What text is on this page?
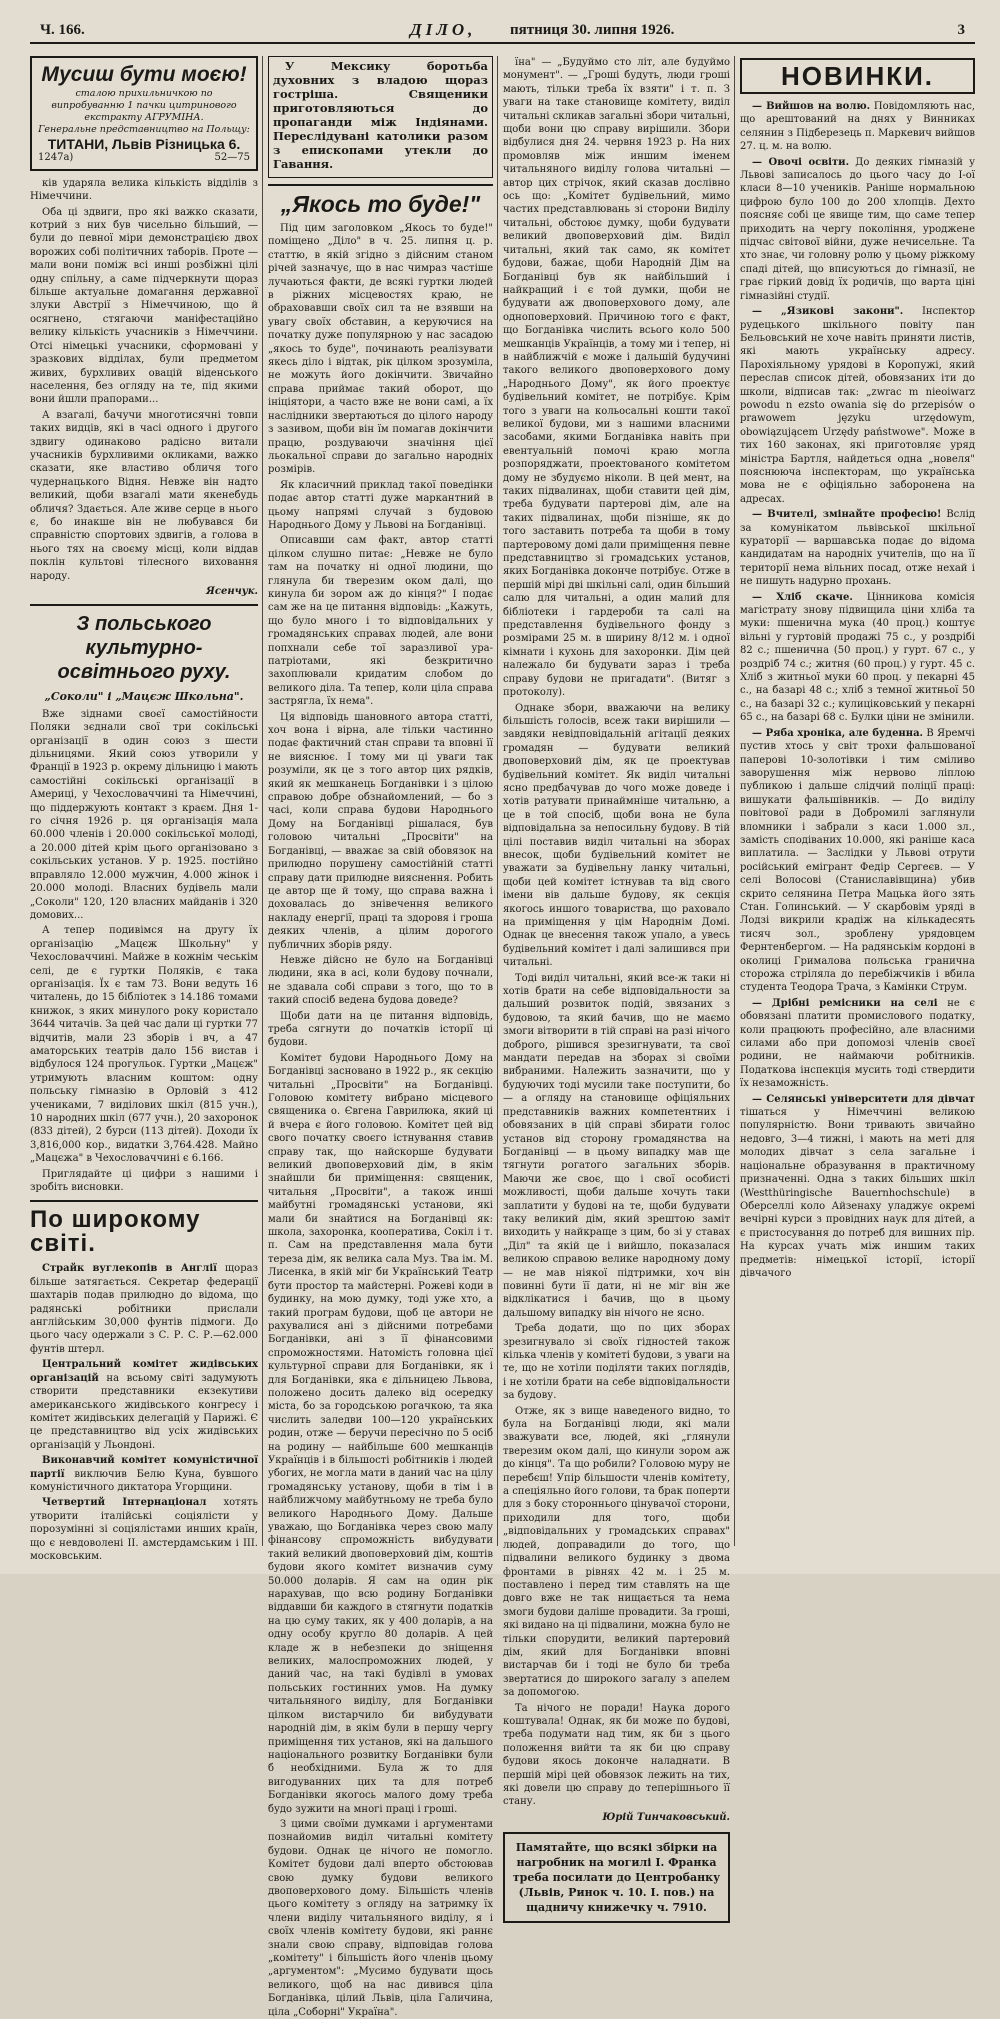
Ч. 166.	ДІЛО, пятниця 30. липня 1926.	3
Мусиш бути моєю!
сталою прихильничкою по випробуванню 1 пачки цитринового екстракту АГРУМІНА.
Генеральне представництво на Польщу:
ТИТАНИ, Львів Різницька 6.
1247а)	52—75

ків ударяла велика кількість відділів з Німеччини.

Оба ці здвиги, про які важко сказати, котрий з них був чисельно більший, — були до певної міри демонстрацією двох ворожих собі політичних таборів. Проте — мали вони поміж всі инші розбіжні цілі одну спільну, а саме підчеркнути щораз більше актуальне домагання державної злуки Австрії з Німеччиною, що й осягнено, стягаючи маніфестаційно велику кількість учасників з Німеччини. Отсі німецькі учасники, сформовані у зразкових відділах, були предметом живих, бурхливих овацій віденського населення, без огляду на те, під якими вони йшли прапорами...

А взагалі, бачучи многотисячні товпи таких видців, які в часі одного і другого здвигу одинаково радісно витали учасників бурхливими окликами, важко сказати, яке властиво обличя того чудернацького Відня. Невже він надто великий, щоби взагалі мати якенебудь обличя? Здається. Але живе серце в нього є, бо инакше він не любувався би справністю спортових здвигів, а голова в нього тях на своєму місці, коли віддав поклін культові тілесного виховання народу.

Ясенчук.
З польського культурно-освітнього руху.
„Соколи" і „Мацєж Школьна".

Вже зіднами своєї самостійности Поляки зєднали свої три сокільські організації в один союз з шести дільницями. Який союз утворили у Франції в 1923 р. окрему дільницю і мають самостійні сокільські організації в Америці, у Чехословаччині та Німеччині, що піддержують контакт з краєм. Дня 1-го січня 1926 р. ця організація мала 60.000 членів і 20.000 сокільської молоді, а 20.000 дітей крім цього організовано з сокільських установ. У р. 1925. постійно вправляло 12.000 мужчин, 4.000 жінок і 20.000 молоді. Власних будівель мали „Соколи" 120, 120 власних майданів і 320 домових...

А тепер подивімся на другу їх організацію „Мацєж Школьну" у Чехословаччині. Майже в кожнім чеськім селі, де є гуртки Поляків, є така організація. Їх є там 73. Вони ведуть 16 читалень, до 15 бібліотек з 14.186 томами книжок, з яких минулого року користало 3644 читачів. За цей час дали ці гуртки 77 відчитів, мали 23 зборів і вч, а 47 аматорських театрів дало 156 вистав і відбулося 124 прогульок. Гуртки „Мацєж" утримують власним коштом: одну польську гімназію в Орловій з 412 учениками, 7 виділових шкіл (815 учн.), 10 народних шкіл (677 учн.), 20 захоронок (833 дітей), 2 бурси (113 дітей). Доходи їх 3,816,000 кор., видатки 3,764.428. Майно „Мацєжа" в Чехословаччині є 6.166.

Приглядайте ці цифри з нашими і зробіть висновки.

По широкому світі.

Страйк вуглекопів в Англії щораз більше затягається. Секретар федерації шахтарів подав прилюдно до відома, що радянські робітники прислали англійським 30,000 фунтів підмоги. До цього часу одержали з С. Р. С. Р.—62.000 фунтів штерл.

Центральний комітет жидівських організацій на всьому світі задумують створити представники екзекутиви американського жидівського конгресу і комітет жидівських делегацій у Парижі. Є це представництво від усіх жидівських організацій у Льондоні.

Виконавчий комітет комуністичної партії виключив Белю Куна, бувшого комуністичного диктатора Угорщини.

Четвертий Інтернаціонал хотять утворити італійські соціялісти у порозумінні зі соціялістами инших країн, що є невдоволені ІІ. амстердамським і ІІІ. московським.

У Мексику боротьба духовних з владою щораз гострішa. Священики приготовляються до пропаганди між Індіянами. Переслідувані католики разом з епископами утекли до Гавання.

„Якось то буде!"

Під цим заголовком „Якось то буде!" поміщено „Діло" в ч. 25. липня ц. р. статтю, в якій згідно з дійсним станом річей зазначує, що в нас чимраз частіше лучаються факти, де всякі гуртки людей в ріжних місцевостях краю, не обраховавши своїх сил та не взявши на увагу своїх обставин, а керуючися на початку дуже популярною у нас засадою „якось то буде", починають реалізувати якесь діло і відтак, рік цілком зрозуміла, не можуть його докінчити. Звичайно справа приймає такий оборот, що ініціятори, а часто вже не вони самі, а їх наслідники звертаються до цілого народу з зазивом, щоби він їм помагав докінчити працю, роздуваючи значіння цієї льокальної справи до загально народніх розмірів.

Як класичний приклад такої поведінки подає автор статті дуже маркантний в цьому напрямі случай з будовою Народнього Дому у Львові на Богданівці.

Описавши сам факт, автор статті цілком слушно питає: „Невже не було там на початку ні одної людини, що глянула би тверезим оком далі, що кинула би зором аж до кінця?" І подає сам же на це питання відповідь: „Кажуть, що було многo і то відповідальних у громадянських справах людей, але вони попхнали себе тої заразливої ура-патріотами, які безкритично захоплювали кридатим слобом до великого діла. Та тепер, коли ціла справа застрягла, їх нема".

Ця відповідь шановного автора статті, хоч вона і вірна, але тільки частинно подає фактичний стан справи та вповні її не вияснює. І тому ми ці уваги так розуміли, як це з того автор цих рядків, який як мешканець Богданівки і з цілою справою добре обзнайомлений, — бо з часі, коли справа будови Народнього Дому на Богданівці рішалася, був головою читальні „Просвіти" на Богданівці, — вважає за свій обовязок на прилюдно порушену самостійній статті справу дати прилюдне вияснення. Робить це автор ще й тому, що справа важна і доховалась до знівечення великого накладу енергії, праці та здоровя і гроша деяких членів, а цілим дорогого публичних зборів ряду.

Невже дійсно не було на Богданівці людини, яка в асі, коли будову почнали, не здавала собі справи з того, що то в такий спосіб ведена будова доведе?

Щоби дати на це питання відповідь, треба сягнути до початків історії ці будови.

Комітет будови Народнього Дому на Богданівці засновано в 1922 р., як секцію читальні „Просвіти" на Богданівці. Головою комітету вибрано місцевого священика о. Євгена Гаврилюка, який ці й вчера є його головою. Комітет цей від свого початку своєго істнування ставив справу так, що найскорше будувати великий двоповерховий дім, в якім знайшли би приміщення: священик, читальня „Просвіти", а також инші майбутні громадянські установи, які мали би знайтися на Богданівці як: школа, захоронка, кооператива, Сокіл і т. п. Сам на представлення мала бути тереза дім, як велика сала Муз. Тва ім. М. Лисенка, в якій міг би Український Театр бути простор та майстерні. Рожеві коди в будинку, на мою думку, тоді уже хто, а такий програм будови, щоб це автори не рахувалися ані з дійсними потребами Богданівки, ані з її фінансовими спроможностями. Натомість головна цієї культурної справи для Богданівки, як і для Богданівки, яка є дільницею Львова, положено досить далеко від осередку міста, бо за городською рогачкою, та яка числить заледви 100—120 українських родин, отже — беручи пересічно по 5 осіб на родину — найбільше 600 мешканців Українців і в більшості робітників і людей убогих, не могла мати в даний час на цілу громадянську установу, щоби в тім і в найближчому майбутньому не треба було великого Народнього Дому. Дальше уважаю, що Богданівка через свою малу фінансову спроможність вибудувати такий великий двоповерховий дім, коштів будови якого комітет визначив суму 50.000 доларів. Я сам на один рік нарахував, що всю родину Богданівки віддавши би каждого в стягнути податків на цю суму таких, як у 400 доларів, а на одну особу кругло 80 доларів. А цей кладе ж в небезпеки до зніщення великих, малоспроможних людей, у даний час, на такі будівлі в умовах польських гостинних умов. На думку читальняного виділу, для Богданівки цілком вистарчило би вибудувати народній дім, в якім були в першу чергу приміщення тих установ, які на дальшого національного розвитку Богданівки були б необхідними. Була ж то для вигодуванних цих та для потреб Богданівки якогось малого дому треба будо зужити на многі праці і гроші.

З цими своїми думками і аргументами познайомив виділ читальні комітету будови. Однак це нічого не помогло. Комітет будови далі вперто обстоював свою думку будови великого двоповерхового дому. Більшість членів цього комітету з огляду на затримку їх члени виділу читальняного виділу, я і своїх членів комітету будови, які раннє знали свою справу, відповідав голова „комітету" і більшість його членів цьому „аргументом": „Мусимо будувати щось великого, щоб на нас дивився ціла Богданівка, цілий Львів, ціла Галичина, ціла „Соборні" Україна".

їна" — „Будуймо сто літ, але будуймо монумент". — „Гроші будуть, люди гроші мають, тільки треба їх взяти" і т. п. З уваги на таке становище комітету, виділ читальні скликав загальні збори читальні, щоби вони цю справу вирішили. Збори відбулися дня 24. червня 1923 р. На них промовляв між иншим іменем читальняного виділу голова читальні — автор цих стрічок, який сказав дослівно ось що: „Комітет будівельний, мимо частих представлювань зі сторони Виділу читальні, обстоює думку, щоби будувати великий двоповерховий дім. Виділ читальні, який так само, як комітет будови, бажає, щоби Народній Дім на Богданівці був як найбільший і найкращий і є той думки, щоби не будувати аж двоповерхового дому, але одноповерховий. Причиною того є факт, що Богданівка числить всього коло 500 мешканців Українців, а тому ми і тепер, ні в найближчій є може і дальшій будучині такого великого двоповерхового дому „Народнього Дому", як його проектує будівельний комітет, не потрібує. Крім того з уваги на кольосальні кошти такої великої будови, ми з нашими власними засобами, якими Богданівка навіть при евентуальній помочі краю могла розпоряджати, проектованого комітетом дому не збудуємо ніколи. В цей мент, на таких підвалинах, щоби ставити цей дім, треба будувати партерові дім, але на таких підвалинах, щоби пізніше, як до того заставить потреба та щоби в тому партеровому домі дали приміщення певне представництво зі громадських установ, яких Богданівка доконче потрібує. Отже в першій мірі дві шкільні салі, один більший салю для читальні, а один малий для бібліотеки і гардероби та салі на представлення будівельного фонду з розмірами 25 м. в ширину 8/12 м. і одної кімнати і кухонь для захоронки. Дім цей належало би будувати зараз і треба справу будови не пригадати". (Витяг з протоколу).

Однаке збори, вважаючи на велику більшість голосів, всеж таки вирішили — завдяки невідповідальній агітації деяких громадян — будувати великий двоповерховий дім, як це проектував будівельний комітет. Як виділ читальні ясно предбачував до чого може доведе і хотів ратувати принаймніше читальню, а це в той спосіб, щоби вона не була відповідальна за непосильну будову. В тій цілі поставив виділ читальні на зборах внесок, щоби будівельний комітет не уважати за будівельну ланку читальні, щоби цей комітет істнував та від свого імени вів дальше будову, як секція якогось иншого товариства, що раховало на приміщення у цім Народнім Домі. Однак це внесення також упало, а увесь будівельний комітет і далі залишився при читальні.

Тоді виділ читальні, який все-ж таки ні хотів брати на себе відповідальности за дальший розвиток подій, звязаних з будовою, та який бачив, що не маємо змоги вітворити в тій справі на разі нічого доброго, рішився зрезигнувати, та свої мандати передав на зборах зі своїми вибраними. Належить зазначити, що у будуючих тоді мусили таке поступити, бо — а огляду на становище офіціяльних представників важних компетентних і обовязаних в цій справі збирати голос установ від сторону громадянства на Богданівці — в цьому випадку мав ще тягнути рогатого загальних зборів. Маючи же своє, що і свої особисті можливості, щоби дальше хочуть таки заплатити у будові на те, щоби будувати таку великий дім, який зрештою заміт виходить у найкраще з цим, бо зі у ставах „Діл" та якій це і вийшло, показалася великою справою велике народному дому — не мав ніякої підтримки, хоч він повинні бути її дати, ні не міг він же відклікатися і бачив, що в цьому дальшому випадку він нічого не ясно.

Треба додати, що по цих зборах зрезигнувало зі своїх гідностей також кількa членів у комітеті будови, з уваги на те, що не хотіли поділяти таких поглядів, і не хотіли брати на себе відповідальности за будову.

Отже, як з вище наведеного видно, то була на Богданівці люди, які мали зважувати все, людей, які „глянули тверезим оком далі, що кинули зором аж до кінця". Та що робили? Головою муру не перебєш! Упір більшости членів комітету, а спеціяльно його голови, та брак поперти для з боку стороннього цінувачої сторони, приходили для того, щоби „відповідальних у громадських справах" людей, доправадили до того, що підвалини великого будинку з двома фронтами в рівнях 42 м. і 25 м. поставлено і перед тим ставлять на ще довго вже не так нищається та нема змоги будови даліше провадити. За гроші, які видано на ці підвалини, можна було не тільки спорудити, великий партеровий дім, який для Богданівки вповні вистарчав би і тоді не було би треба звертатися до широкого загалу з апелем за допомогою.

Та нічого не поради! Наука дорого коштувала! Однак, як би може по будові, треба подумати над тим, як би з цього положення вийти та як би цю справу будови якось доконче наладнати. В першій мірі цей обовязок лежить на тих, які довели цю справу до теперішнього її стану.

Юрій Тинчаковський.
Памятайте, що всякі збірки на нагробник на могилі І. Франка треба посилати до Центробанку (Львів, Ринок ч. 10. І. пов.) на щадничу книжечку ч. 7910.
НОВИНКИ.

— Вийшов на волю. Повідомляють нас, що арештований на днях у Винниках селянин з Підберезець п. Маркевич вийшов 27. ц. м. на волю.

— Овочі освіти. До деяких гімназій у Львові записалось до цього часу до І-ої класи 8—10 учеників. Раніше нормальною цифрою було 100 до 200 хлопців. Дехто поясняє собі це явище тим, що саме тепер приходить на чергу покоління, уроджене підчас світової війни, дуже нечисельне. Та хто знає, чи головну ролю у цьому ріжкому спаді дітей, що вписуються до гімназії, не грає гіркий довід їх родичів, що варта ціні гімназійні студії.

— „Язикові закони". Інспектор рудецького шкільного повіту пан Бельовський не хоче навіть приняти листів, які мають українську адресу. Парохіяльному урядові в Коропужі, який переслав список дітей, обовязаних іти до школи, відписав так: „zwrac m nieoiwarz powodu n ezsto owania się do przepisów o prawowem języku urzędowym, obowiązującem Urzędy państwowe". Може в тих 160 законах, які приготовляє уряд міністра Бартля, найдеться одна „новеля" пояснююча інспекторам, що українська мова не є офіціяльно заборонена на адресах.

— Вчителі, змінайте професію! Вслід за комунікатом львівської шкільної кураторії — варшавська подає до відома кандидатам на народніх учителів, що на її території нема вільних посад, отже нехай і не пишуть надурно прохань.

— Хліб скаче. Цінникова комісія магістрату знову підвищила ціни хліба та муки: пшенична мука (40 проц.) коштує вільні у гуртовій продажі 75 с., у роздрібі 82 с.; пшенична (50 проц.) у гурт. 67 с., у роздріб 74 с.; житня (60 проц.) у гурт. 45 с. Хліб з житньої муки 60 проц. у пекарні 45 с., на базарі 48 с.; хліб з темної житньої 50 с., на базарі 32 с.; кулиціковський у пекарні 65 с., на базарі 68 с. Булки ціни не змінили.

— Рябa хроніка, але буденна. В Яремчі пустив хтось у світ трохи фальшованої паперові 10-золотівки і тим сміливо заворушення між нервово ліплою публикою і дальше слідчий поліції праці: вишукати фальшівників. — До виділу повітової ради в Добромилі заглянули вломники і забрали з каси 1.000 зл., замість сподіваних 10.000, які раніше каса виплатила. — Заслідки у Львові отрути російський емігрант Федір Сергеєв. — У селі Волосові (Станиславівщина) убив скрито селянина Петра Мацька його зять Стан. Голинський. — У скарбовім уряді в Лодзі викрили крадіж на кількадесять тисяч зол., зроблену урядовцем Фернтенбергом. — На радянськім кордоні в околиці Грималова польська гранична сторожа стріляла до перебіжчиків і вбила студента Теодора Трача, з Камінки Струм.

— Дрібні ремісники на селі не є обовязані платити промислового податку, коли працюють професійно, але власними силами або при допомозі членів своєї родини, не наймаючи робітників. Податкова інспекція мусить тоді ствердити їх незаможність.

— Селянські університети для дівчат тішаться у Німеччині великою популярністю. Вони тривають звичайно недовго, 3—4 тижні, і мають на меті для молодих дівчат з села загальне і національне образування в практичному призначенні. Одна з таких більших шкіл (Westthüringische Bauernhochschule) в Оберселлі коло Айзенаху уладжує окремі вечірні курси з провідних наук для дітей, а є пристосування до потреб для вишних пір. На курсах учать між иншим таких предметів: німецької історії, історії дівчачого
